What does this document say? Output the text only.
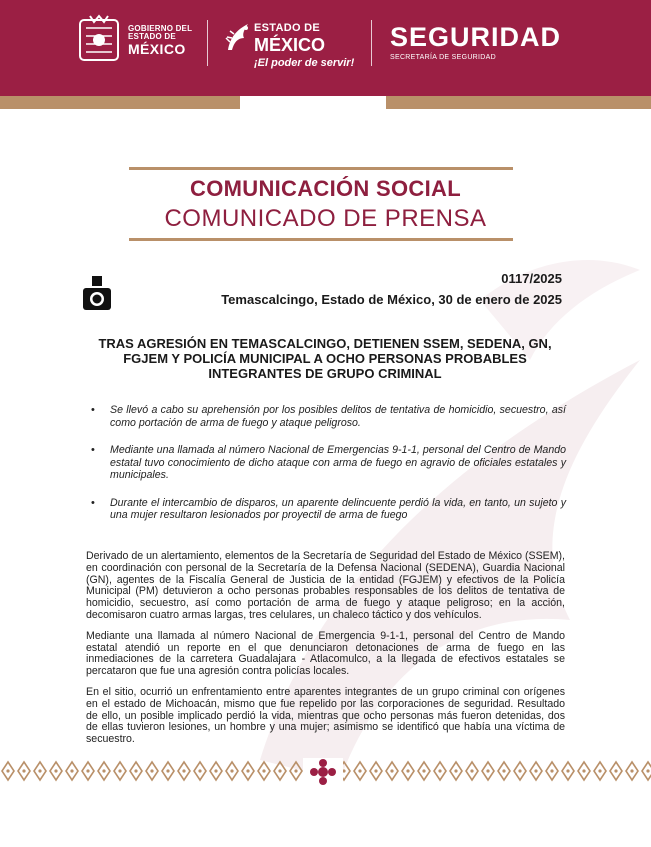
GOBIERNO DEL
ESTADO DE
MÉXICO
ESTADO DE
MÉXICO
¡El poder de servir!
SEGURIDAD
SECRETARÍA DE SEGURIDAD
COMUNICACIÓN SOCIAL
COMUNICADO DE PRENSA
0117/2025
Temascalcingo, Estado de México, 30 de enero de 2025
TRAS AGRESIÓN EN TEMASCALCINGO, DETIENEN SSEM, SEDENA, GN, FGJEM Y POLICÍA MUNICIPAL A OCHO PERSONAS PROBABLES INTEGRANTES DE GRUPO CRIMINAL
• Se llevó a cabo su aprehensión por los posibles delitos de tentativa de homicidio, secuestro, así como portación de arma de fuego y ataque peligroso.
• Mediante una llamada al número Nacional de Emergencias 9-1-1, personal del Centro de Mando estatal tuvo conocimiento de dicho ataque con arma de fuego en agravio de oficiales estatales y municipales.
• Durante el intercambio de disparos, un aparente delincuente perdió la vida, en tanto, un sujeto y una mujer resultaron lesionados por proyectil de arma de fuego

Derivado de un alertamiento, elementos de la Secretaría de Seguridad del Estado de México (SSEM), en coordinación con personal de la Secretaría de la Defensa Nacional (SEDENA), Guardia Nacional (GN), agentes de la Fiscalía General de Justicia de la entidad (FGJEM) y efectivos de la Policía Municipal (PM) detuvieron a ocho personas probables responsables de los delitos de tentativa de homicidio, secuestro, así como portación de arma de fuego y ataque peligroso; en la acción, decomisaron cuatro armas largas, tres celulares, un chaleco táctico y dos vehículos.

Mediante una llamada al número Nacional de Emergencia 9-1-1, personal del Centro de Mando estatal atendió un reporte en el que denunciaron detonaciones de arma de fuego en las inmediaciones de la carretera Guadalajara - Atlacomulco, a la llegada de efectivos estatales se percataron que fue una agresión contra policías locales.

En el sitio, ocurrió un enfrentamiento entre aparentes integrantes de un grupo criminal con orígenes en el estado de Michoacán, mismo que fue repelido por las corporaciones de seguridad. Resultado de ello, un posible implicado perdió la vida, mientras que ocho personas más fueron detenidas, dos de ellas tuvieron lesiones, un hombre y una mujer; asimismo se identificó que había una víctima de secuestro.
